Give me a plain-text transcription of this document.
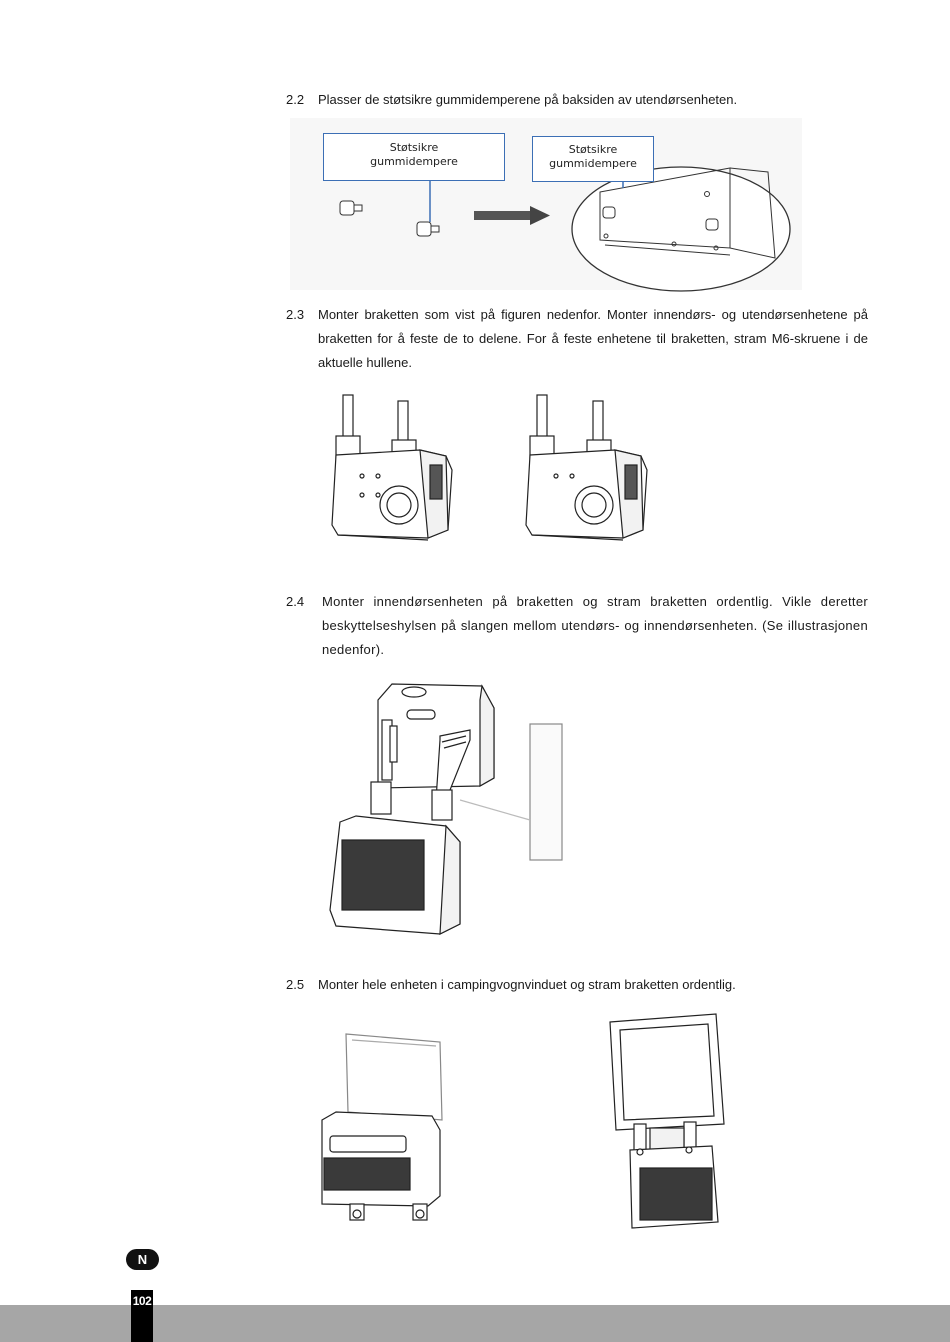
2.2 Plasser de støtsikre gummidemperene på baksiden av utendørsenheten.
Støtsikre
gummidempere
Støtsikre
gummidempere
2.3 Monter braketten som vist på figuren nedenfor. Monter innendørs- og utendørsenhetene på braketten for å feste de to delene. For å feste enhetene til braketten, stram M6-skruene i de aktuelle hullene.
2.4 Monter innendørsenheten på braketten og stram braketten ordentlig. Vikle deretter beskyttelseshylsen på slangen mellom utendørs- og innendørsenheten. (Se illustrasjonen nedenfor).
2.5 Monter hele enheten i campingvognvinduet og stram braketten ordentlig.
N
102
